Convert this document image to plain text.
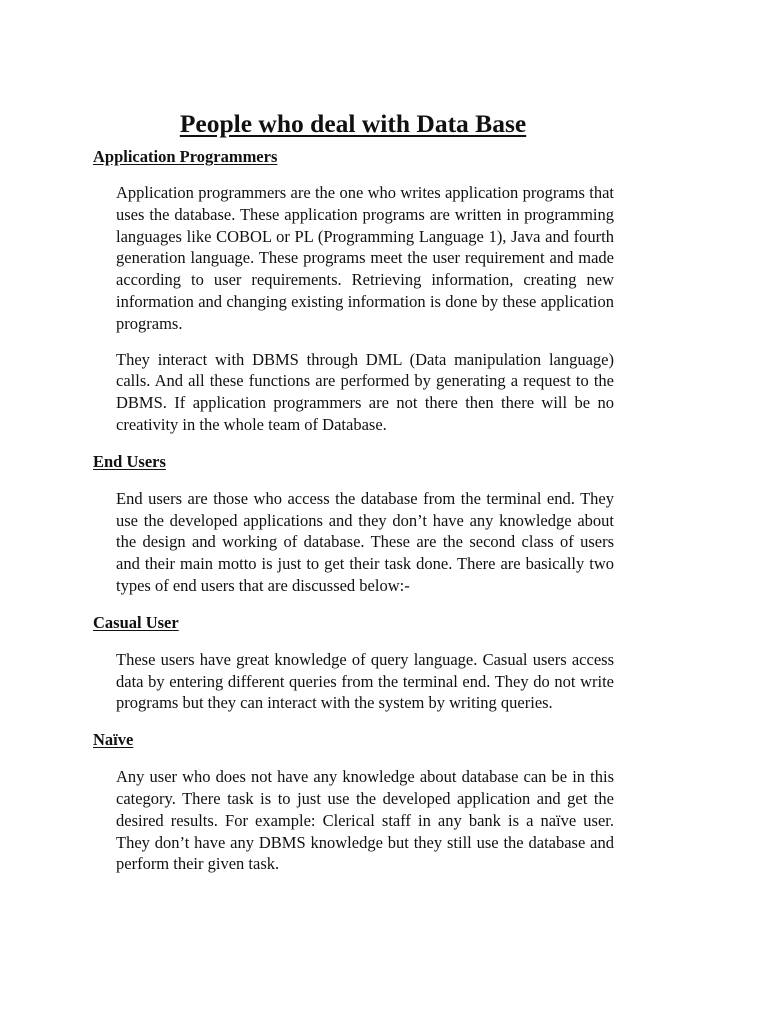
People who deal with Data Base
Application Programmers

Application programmers are the one who writes application programs that uses the database. These application programs are written in programming languages like COBOL or PL (Programming Language 1), Java and fourth generation language. These programs meet the user requirement and made according to user requirements. Retrieving information, creating new information and changing existing information is done by these application programs.

They interact with DBMS through DML (Data manipulation language) calls. And all these functions are performed by generating a request to the DBMS. If application programmers are not there then there will be no creativity in the whole team of Database.

End Users

End users are those who access the database from the terminal end. They use the developed applications and they don’t have any knowledge about the design and working of database. These are the second class of users and their main motto is just to get their task done. There are basically two types of end users that are discussed below:-

Casual User

These users have great knowledge of query language. Casual users access data by entering different queries from the terminal end. They do not write programs but they can interact with the system by writing queries.

Naïve

Any user who does not have any knowledge about database can be in this category. There task is to just use the developed application and get the desired results. For example: Clerical staff in any bank is a naïve user. They don’t have any DBMS knowledge but they still use the database and perform their given task.
